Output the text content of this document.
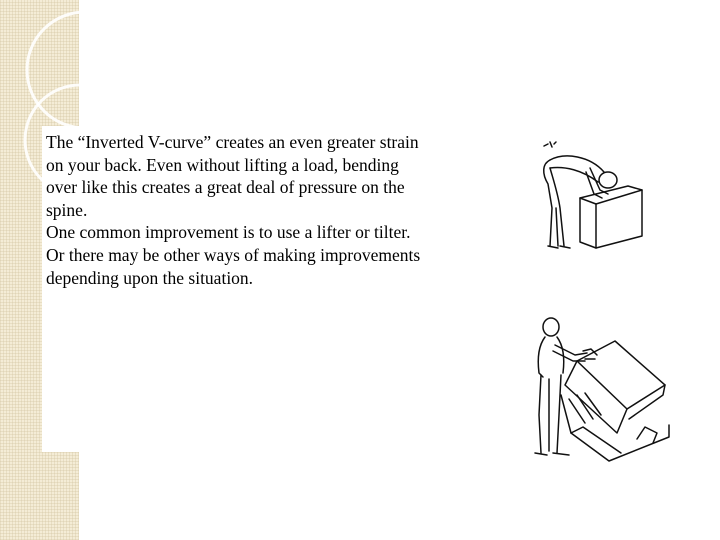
The “Inverted V-curve” creates an even greater strain on your back. Even without lifting a load, bending over like this creates a great deal of pressure on the spine.

One common improvement is to use a lifter or tilter. Or there may be other ways of making improvements depending upon the situation.
